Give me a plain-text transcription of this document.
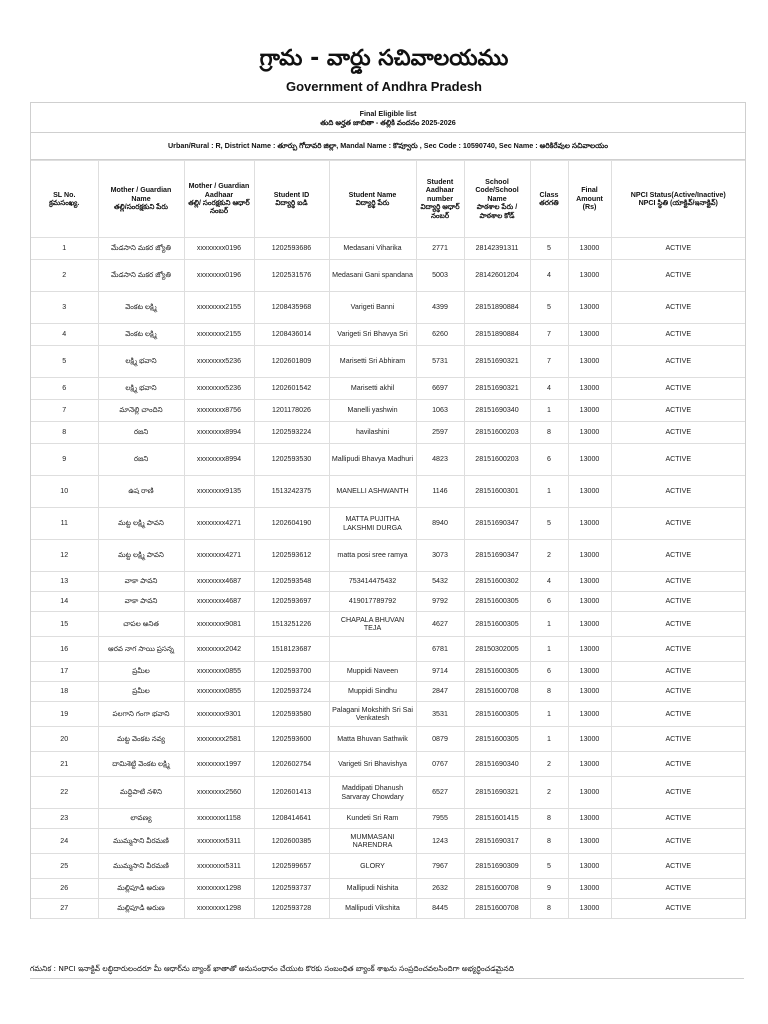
గ్రామ - వార్డు సచివాలయము
Government of Andhra Pradesh
Final Eligible list
తుది అర్హత జాబితా - తల్లికి వందనం 2025-2026
Urban/Rural : R, District Name : తూర్పు గోదావరి జిల్లా, Mandal Name : కొవ్వూరు , Sec Code : 10590740, Sec Name : అరికిరేవుల సచివాలయం
SL No.
క్రమసంఖ్య.	Mother / Guardian Name
తల్లి/సంరక్షకుని పేరు	Mother / Guardian Aadhaar
తల్లి/ సంరక్షకుని ఆధార్ నంబర్	Student ID
విద్యార్థి ఐడి	Student Name
విద్యార్థి పేరు	Student Aadhaar number
విద్యార్థి ఆధార్ నంబర్	School Code/School Name
పాఠశాల పేరు / పాఠశాల కోడ్	Class
తరగతి	Final Amount (Rs)	NPCI Status(Active/Inactive)
NPCI స్థితి (యాక్టివ్/ఇనాక్టివ్)
1	మేడసాని మకర జ్యోతి	xxxxxxxx0196	1202593686	Medasani Viharika	2771	28142391311	5	13000	ACTIVE
2	మేడసాని మకర జ్యోతి	xxxxxxxx0196	1202531576	Medasani Gani spandana	5003	28142601204	4	13000	ACTIVE
3	వెంకట లక్ష్మి	xxxxxxxx2155	1208435968	Varigeti Banni	4399	28151890884	5	13000	ACTIVE
4	వెంకట లక్ష్మి	xxxxxxxx2155	1208436014	Varigeti Sri Bhavya Sri	6260	28151890884	7	13000	ACTIVE
5	లక్ష్మి భవాని	xxxxxxxx5236	1202601809	Marisetti Sri Abhiram	5731	28151690321	7	13000	ACTIVE
6	లక్ష్మి భవాని	xxxxxxxx5236	1202601542	Marisetti akhil	6697	28151690321	4	13000	ACTIVE
7	మానెల్లి చాందిని	xxxxxxxx8756	1201178026	Manelli yashwin	1063	28151690340	1	13000	ACTIVE
8	రజని	xxxxxxxx8994	1202593224	havilashini	2597	28151600203	8	13000	ACTIVE
9	రజని	xxxxxxxx8994	1202593530	Mallipudi Bhavya Madhuri	4823	28151600203	6	13000	ACTIVE
10	ఉష రాణి	xxxxxxxx9135	1513242375	MANELLI ASHWANTH	1146	28151600301	1	13000	ACTIVE
11	మట్ట లక్ష్మి పావని	xxxxxxxx4271	1202604190	MATTA PUJITHA LAKSHMI DURGA	8940	28151690347	5	13000	ACTIVE
12	మట్ట లక్ష్మి పావని	xxxxxxxx4271	1202593612	matta posi sree ramya	3073	28151690347	2	13000	ACTIVE
13	వాకా పావని	xxxxxxxx4687	1202593548	753414475432	5432	28151600302	4	13000	ACTIVE
14	వాకా పావని	xxxxxxxx4687	1202593697	419017789792	9792	28151600305	6	13000	ACTIVE
15	చాపల అనిత	xxxxxxxx9081	1513251226	CHAPALA BHUVAN TEJA	4627	28151600305	1	13000	ACTIVE
16	ఆరవ నాగ సాయి ప్రసన్న	xxxxxxxx2042	1518123687		6781	28150302005	1	13000	ACTIVE
17	ప్రమీల	xxxxxxxx0855	1202593700	Muppidi Naveen	9714	28151600305	6	13000	ACTIVE
18	ప్రమీల	xxxxxxxx0855	1202593724	Muppidi Sindhu	2847	28151600708	8	13000	ACTIVE
19	పలగాని గంగా భవాని	xxxxxxxx9301	1202593580	Palagani Mokshith Sri Sai Venkatesh	3531	28151600305	1	13000	ACTIVE
20	మట్ట వెంకట నవ్య	xxxxxxxx2581	1202593600	Matta Bhuvan Sathwik	0879	28151600305	1	13000	ACTIVE
21	దామిశెట్టి వెంకట లక్ష్మి	xxxxxxxx1997	1202602754	Varigeti Sri Bhavishya	0767	28151690340	2	13000	ACTIVE
22	మద్దిపాటి నళిని	xxxxxxxx2560	1202601413	Maddipati Dhanush Sarvaray Chowdary	6527	28151690321	2	13000	ACTIVE
23	లావణ్య	xxxxxxxx1158	1208414641	Kundeti Sri Ram	7955	28151601415	8	13000	ACTIVE
24	ముమ్మసాని వీరమణి	xxxxxxxx5311	1202600385	MUMMASANI NARENDRA	1243	28151690317	8	13000	ACTIVE
25	ముమ్మసాని వీరమణి	xxxxxxxx5311	1202599657	GLORY	7967	28151690309	5	13000	ACTIVE
26	మల్లిపూడి అరుణ	xxxxxxxx1298	1202593737	Mallipudi Nishita	2632	28151600708	9	13000	ACTIVE
27	మల్లిపూడి అరుణ	xxxxxxxx1298	1202593728	Mallipudi Vikshita	8445	28151600708	8	13000	ACTIVE
గమనిక : NPCI ఇనాక్టివ్ లబ్ధిదారులందరూ మీ ఆధార్‌ను బ్యాంక్ ఖాతాతో అనుసంధానం చేయుట కొరకు సంబంధిత బ్యాంక్ శాఖను సంప్రదించవలసిందిగా అభ్యర్థించడమైనది
